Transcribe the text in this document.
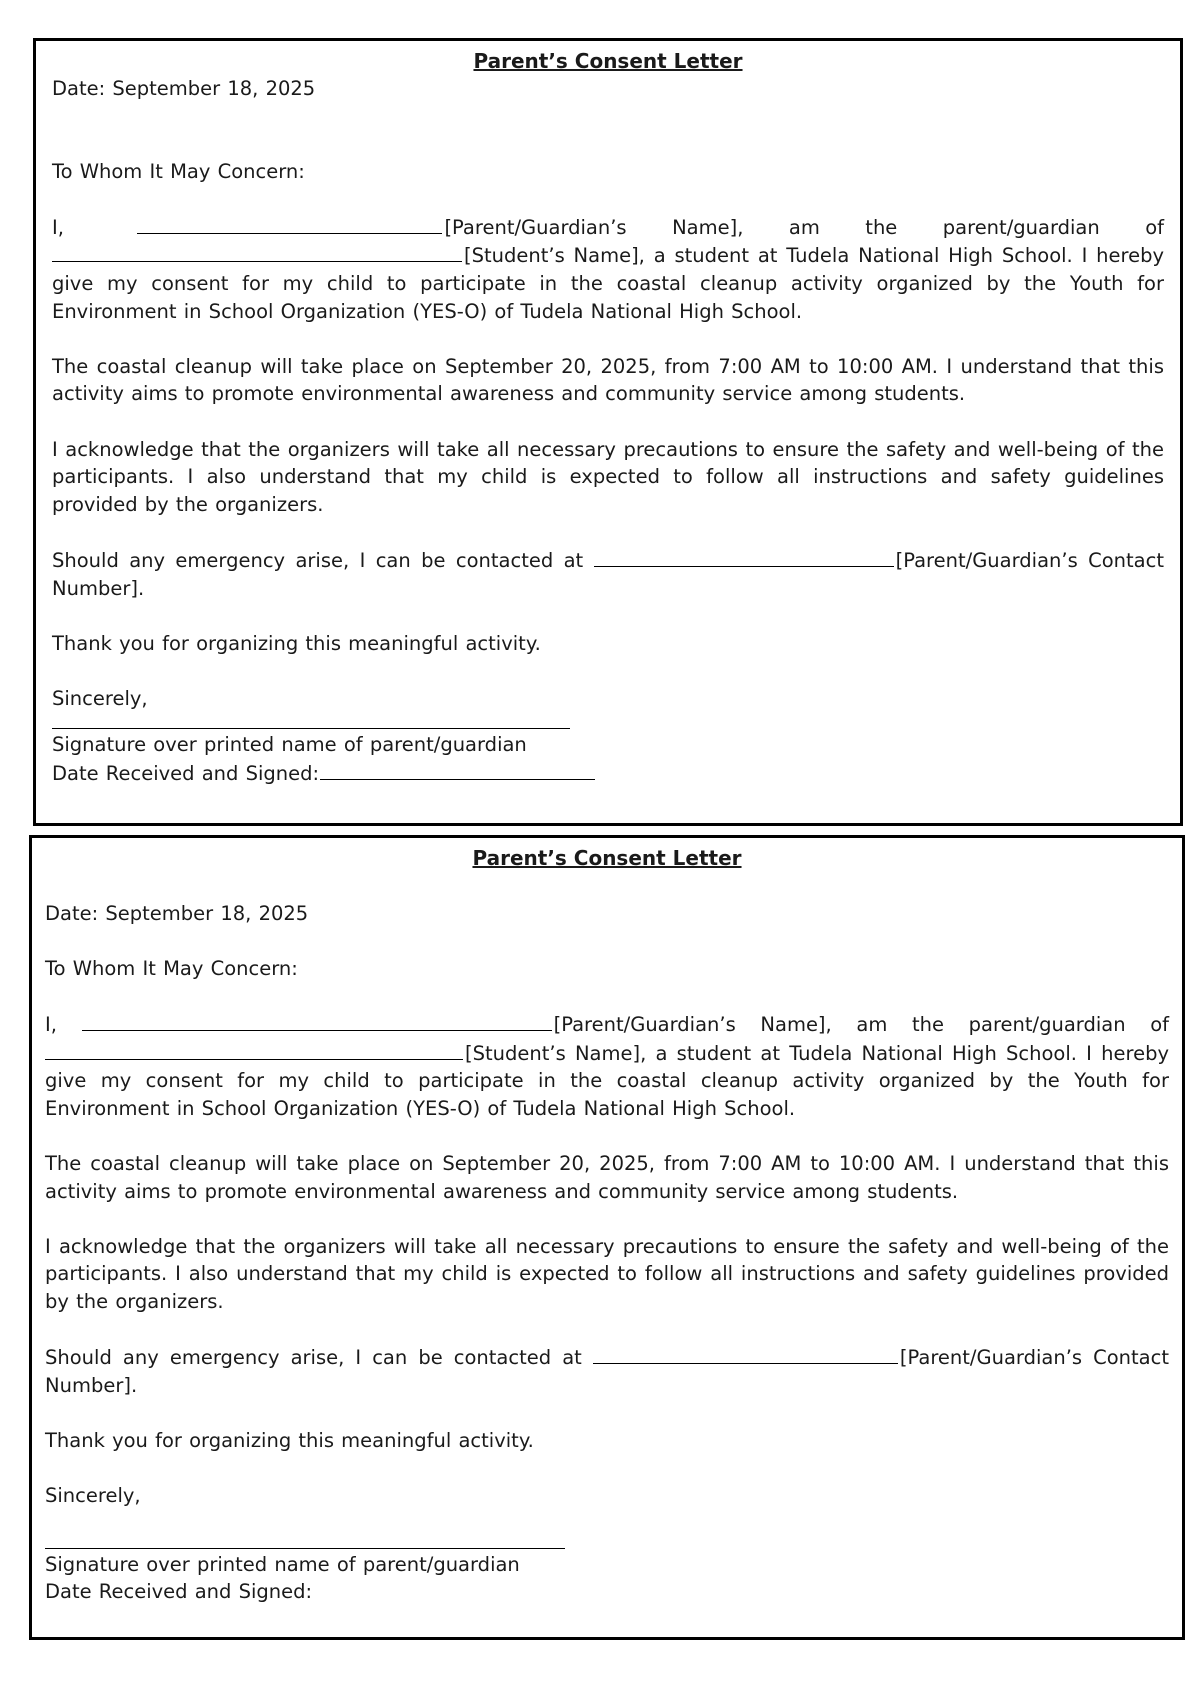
Parent’s Consent Letter

Date: September 18, 2025

To Whom It May Concern:

I,	[Parent/Guardian’s Name], am the parent/guardian of [Student’s Name], a student at Tudela National High School. I hereby give my consent for my child to participate in the coastal cleanup activity organized by the Youth for Environment in School Organization (YES-O) of Tudela National High School.

The coastal cleanup will take place on September 20, 2025, from 7:00 AM to 10:00 AM. I understand that this activity aims to promote environmental awareness and community service among students.

I acknowledge that the organizers will take all necessary precautions to ensure the safety and well-being of the participants. I also understand that my child is expected to follow all instructions and safety guidelines provided by the organizers.

Should any emergency arise, I can be contacted at	[Parent/Guardian’s Contact Number].

Thank you for organizing this meaningful activity.

Sincerely,

Signature over printed name of parent/guardian

Date Received and Signed:

Parent’s Consent Letter

Date: September 18, 2025

To Whom It May Concern:

I,	[Parent/Guardian’s Name], am the parent/guardian of [Student’s Name], a student at Tudela National High School. I hereby give my consent for my child to participate in the coastal cleanup activity organized by the Youth for Environment in School Organization (YES-O) of Tudela National High School.

The coastal cleanup will take place on September 20, 2025, from 7:00 AM to 10:00 AM. I understand that this activity aims to promote environmental awareness and community service among students.

I acknowledge that the organizers will take all necessary precautions to ensure the safety and well-being of the participants. I also understand that my child is expected to follow all instructions and safety guidelines provided by the organizers.

Should any emergency arise, I can be contacted at	[Parent/Guardian’s Contact Number].

Thank you for organizing this meaningful activity.

Sincerely,

Signature over printed name of parent/guardian

Date Received and Signed:
